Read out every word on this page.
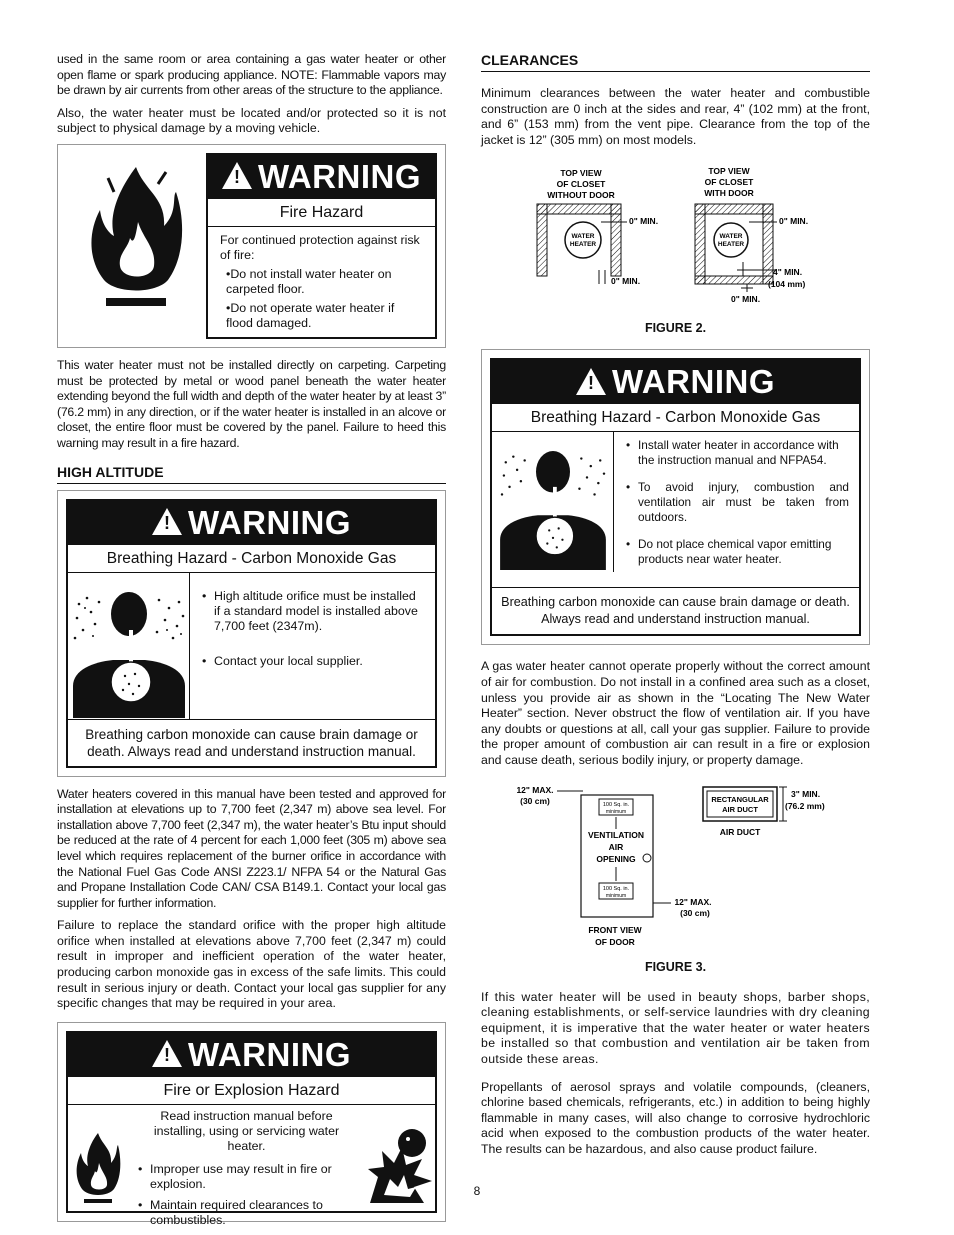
used in the same room or area containing a gas water heater or other open flame or spark producing appliance. NOTE: Flammable vapors may be drawn by air currents from other areas of the structure to the appliance.

Also, the water heater must be located and/or protected so it is not subject to physical damage by a moving vehicle.

! WARNING
Fire Hazard
For continued protection against risk of fire:
•Do not install water heater on carpeted floor.
•Do not operate water heater if flood damaged.

This water heater must not be installed directly on carpeting. Carpeting must be protected by metal or wood panel beneath the water heater extending beyond the full width and depth of the water heater by at least 3” (76.2 mm) in any direction, or if the water heater is installed in an alcove or closet, the entire floor must be covered by the panel. Failure to heed this warning may result in a fire hazard.

HIGH ALTITUDE
! WARNING
Breathing Hazard - Carbon Monoxide Gas
• High altitude orifice must be installed if a standard model is installed above 7,700 feet (2347m).
• Contact your local supplier.
Breathing carbon monoxide can cause brain damage or death. Always read and understand instruction manual.

Water heaters covered in this manual have been tested and approved for installation at elevations up to 7,700 feet (2,347 m) above sea level. For installation above 7,700 feet (2,347 m), the water heater’s Btu input should be reduced at the rate of 4 percent for each 1,000 feet (305 m) above sea level which requires replacement of the burner orifice in accordance with the National Fuel Gas Code ANSI Z223.1/ NFPA 54 or the Natural Gas and Propane Installation Code CAN/ CSA B149.1. Contact your local gas supplier for further information.

Failure to replace the standard orifice with the proper high altitude orifice when installed at elevations above 7,700 feet (2,347 m) could result in improper and inefficient operation of the water heater, producing carbon monoxide gas in excess of the safe limits. This could result in serious injury or death. Contact your local gas supplier for any specific changes that may be required in your area.

! WARNING
Fire or Explosion Hazard
Read instruction manual before installing, using or servicing water heater.
• Improper use may result in fire or explosion.
• Maintain required clearances to combustibles.
CLEARANCES

Minimum clearances between the water heater and combustible construction are 0 inch at the sides and rear, 4” (102 mm) at the front, and 6” (153 mm) from the vent pipe. Clearance from the top of the jacket is 12” (305 mm) on most models.

TOP VIEW
OF CLOSET
WITHOUT DOOR
WATER
HEATER
0" MIN.
0" MIN.
TOP VIEW
OF CLOSET
WITH DOOR
WATER
HEATER
0" MIN.
4" MIN.
(104 mm)
0" MIN.
FIGURE 2.
! WARNING
Breathing Hazard - Carbon Monoxide Gas
• Install water heater in accordance with the instruction manual and NFPA54.
• To avoid injury, combustion and ventilation air must be taken from outdoors.
• Do not place chemical vapor emitting products near water heater.
Breathing carbon monoxide can cause brain damage or death. Always read and understand instruction manual.

A gas water heater cannot operate properly without the correct amount of air for combustion. Do not install in a confined area such as a closet, unless you provide air as shown in the “Locating The New Water Heater” section. Never obstruct the flow of ventilation air. If you have any doubts or questions at all, call your gas supplier. Failure to provide the proper amount of combustion air can result in a fire or explosion and cause death, serious bodily injury, or property damage.

12" MAX.
(30 cm)	100 Sq. in.
minimum
VENTILATION
AIR
OPENING
100 Sq. in.
minimum
12" MAX.
(30 cm)
FRONT VIEW
OF DOOR
RECTANGULAR
AIR DUCT
3" MIN.
(76.2 mm)
AIR DUCT
FIGURE 3.

If this water heater will be used in beauty shops, barber shops, cleaning establishments, or self-service laundries with dry cleaning equipment, it is imperative that the water heater or water heaters be installed so that combustion and ventilation air be taken from outside these areas.

Propellants of aerosol sprays and volatile compounds, (cleaners, chlorine based chemicals, refrigerants, etc.) in addition to being highly flammable in many cases, will also change to corrosive hydrochloric acid when exposed to the combustion products of the water heater. The results can be hazardous, and also cause product failure.

8
